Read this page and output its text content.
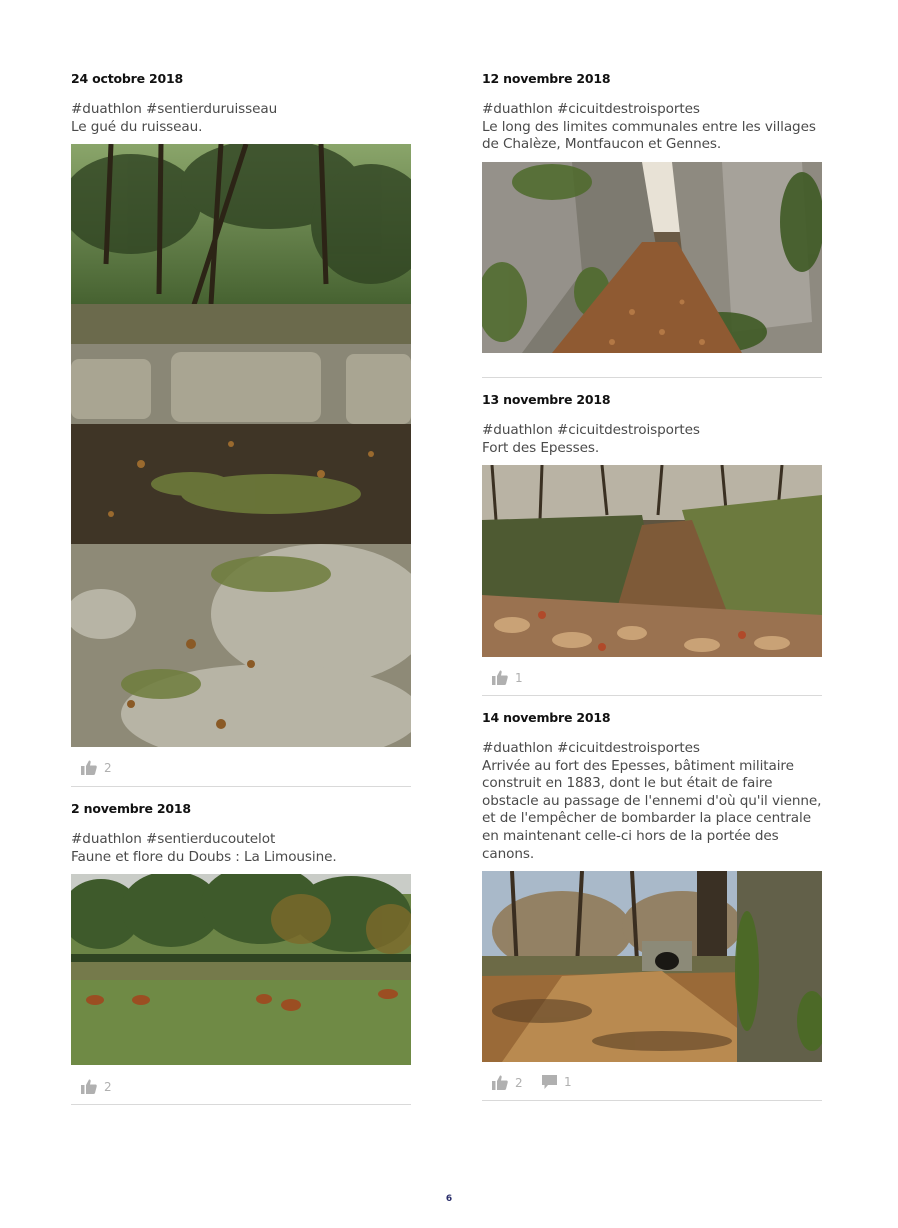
24 octobre 2018
#duathlon #sentierduruisseau
Le gué du ruisseau.
2
2 novembre 2018
#duathlon #sentierducoutelot
Faune et flore du Doubs : La Limousine.
2
12 novembre 2018
#duathlon #cicuitdestroisportes
Le long des limites communales entre les villages
de Chalèze, Montfaucon et Gennes.
13 novembre 2018
#duathlon #cicuitdestroisportes
Fort des Epesses.
1
14 novembre 2018
#duathlon #cicuitdestroisportes
Arrivée au fort des Epesses, bâtiment militaire
construit en 1883, dont le but était de faire
obstacle au passage de l'ennemi d'où qu'il vienne,
et de l'empêcher de bombarder la place centrale
en maintenant celle-ci hors de la portée des
canons.
2	1
6
